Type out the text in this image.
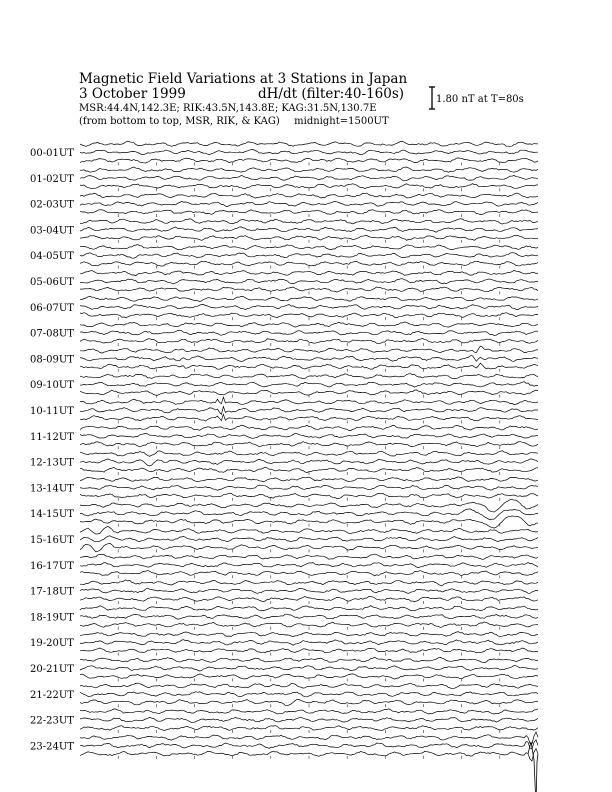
Magnetic Field Variations at 3 Stations in Japan
3 October 1999	dH/dt (filter:40-160s)
MSR:44.4N,142.3E; RIK:43.5N,143.8E; KAG:31.5N,130.7E
(from bottom to top, MSR, RIK, & KAG) midnight=1500UT
1.80 nT at T=80s
00-01UT
01-02UT
02-03UT
03-04UT
04-05UT
05-06UT
06-07UT
07-08UT
08-09UT
09-10UT
10-11UT
11-12UT
12-13UT
13-14UT
14-15UT
15-16UT
16-17UT
17-18UT
18-19UT
19-20UT
20-21UT
21-22UT
22-23UT
23-24UT
